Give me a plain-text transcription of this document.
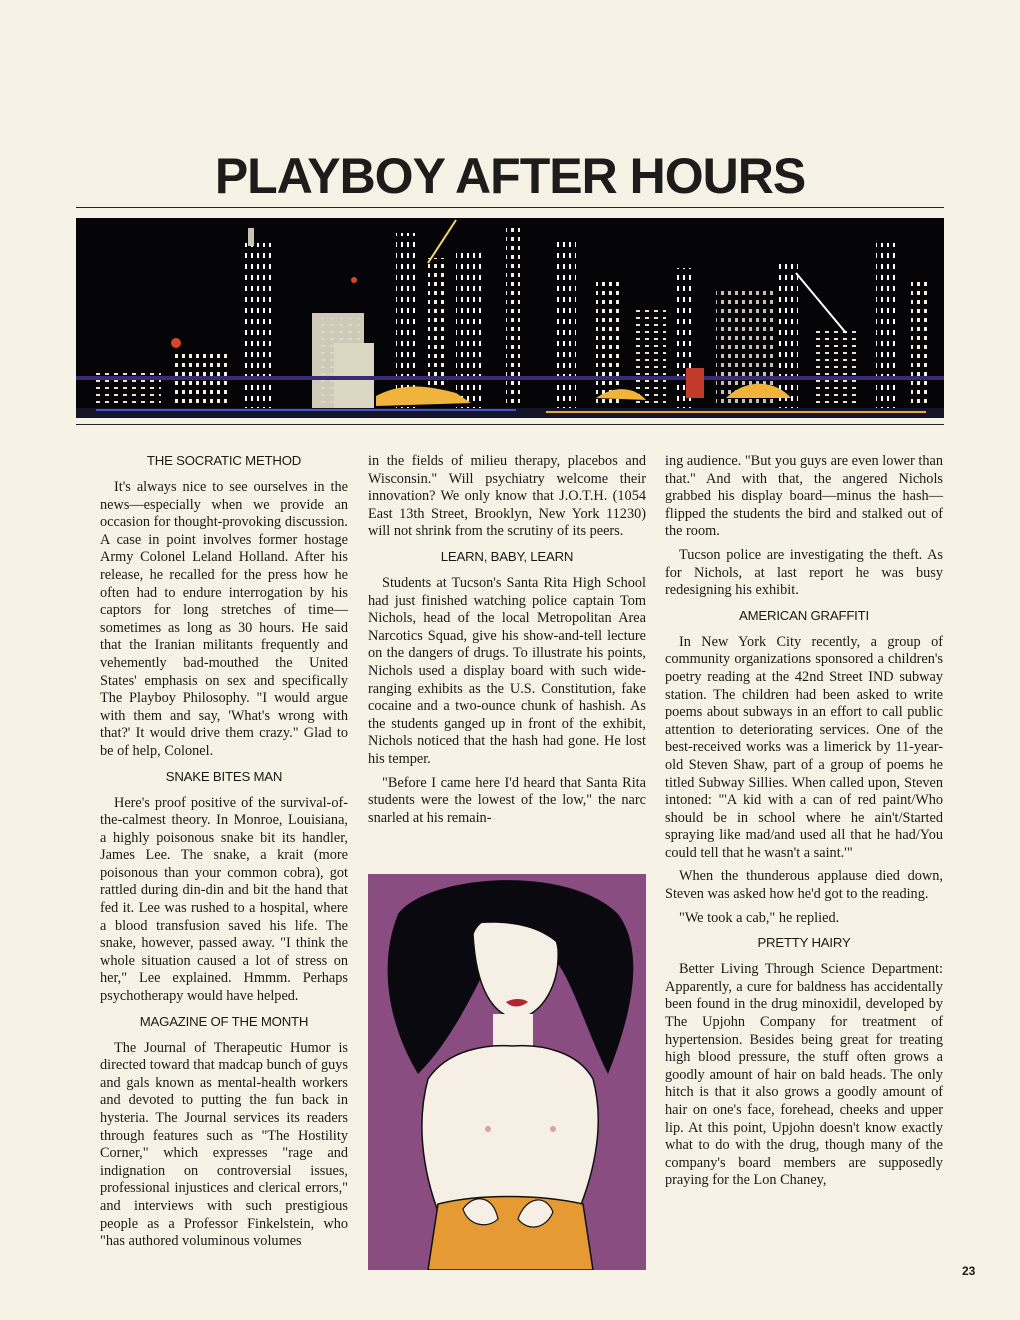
PLAYBOY AFTER HOURS
THE SOCRATIC METHOD

It's always nice to see ourselves in the news—especially when we provide an occasion for thought-provoking discussion. A case in point involves former hostage Army Colonel Leland Holland. After his release, he recalled for the press how he often had to endure interrogation by his captors for long stretches of time—sometimes as long as 30 hours. He said that the Iranian militants frequently and vehemently bad-mouthed the United States' emphasis on sex and specifically The Playboy Philosophy. "I would argue with them and say, 'What's wrong with that?' It would drive them crazy." Glad to be of help, Colonel.

SNAKE BITES MAN

Here's proof positive of the survival-of-the-calmest theory. In Monroe, Louisiana, a highly poisonous snake bit its handler, James Lee. The snake, a krait (more poisonous than your common cobra), got rattled during din-din and bit the hand that fed it. Lee was rushed to a hospital, where a blood transfusion saved his life. The snake, however, passed away. "I think the whole situation caused a lot of stress on her," Lee explained. Hmmm. Perhaps psychotherapy would have helped.

MAGAZINE OF THE MONTH

The Journal of Therapeutic Humor is directed toward that madcap bunch of guys and gals known as mental-health workers and devoted to putting the fun back in hysteria. The Journal services its readers through features such as "The Hostility Corner," which expresses "rage and indignation on controversial issues, professional injustices and clerical errors," and interviews with such prestigious people as a Professor Finkelstein, who "has authored voluminous volumes

in the fields of milieu therapy, placebos and Wisconsin." Will psychiatry welcome their innovation? We only know that J.O.T.H. (1054 East 13th Street, Brooklyn, New York 11230) will not shrink from the scrutiny of its peers.

LEARN, BABY, LEARN

Students at Tucson's Santa Rita High School had just finished watching police captain Tom Nichols, head of the local Metropolitan Area Narcotics Squad, give his show-and-tell lecture on the dangers of drugs. To illustrate his points, Nichols used a display board with such wide-ranging exhibits as the U.S. Constitution, fake cocaine and a two-ounce chunk of hashish. As the students ganged up in front of the exhibit, Nichols noticed that the hash had gone. He lost his temper.

"Before I came here I'd heard that Santa Rita students were the lowest of the low," the narc snarled at his remain-

ing audience. "But you guys are even lower than that." And with that, the angered Nichols grabbed his display board—minus the hash—flipped the students the bird and stalked out of the room.

Tucson police are investigating the theft. As for Nichols, at last report he was busy redesigning his exhibit.

AMERICAN GRAFFITI

In New York City recently, a group of community organizations sponsored a children's poetry reading at the 42nd Street IND subway station. The children had been asked to write poems about subways in an effort to call public attention to deteriorating services. One of the best-received works was a limerick by 11-year-old Steven Shaw, part of a group of poems he titled Subway Sillies. When called upon, Steven intoned: "'A kid with a can of red paint/Who should be in school where he ain't/Started spraying like mad/and used all that he had/You could tell that he wasn't a saint.'"

When the thunderous applause died down, Steven was asked how he'd got to the reading.

"We took a cab," he replied.

PRETTY HAIRY

Better Living Through Science Department: Apparently, a cure for baldness has accidentally been found in the drug minoxidil, developed by The Upjohn Company for treatment of hypertension. Besides being great for treating high blood pressure, the stuff often grows a goodly amount of hair on bald heads. The only hitch is that it also grows a goodly amount of hair on one's face, forehead, cheeks and upper lip. At this point, Upjohn doesn't know exactly what to do with the drug, though many of the company's board members are supposedly praying for the Lon Chaney,

23
